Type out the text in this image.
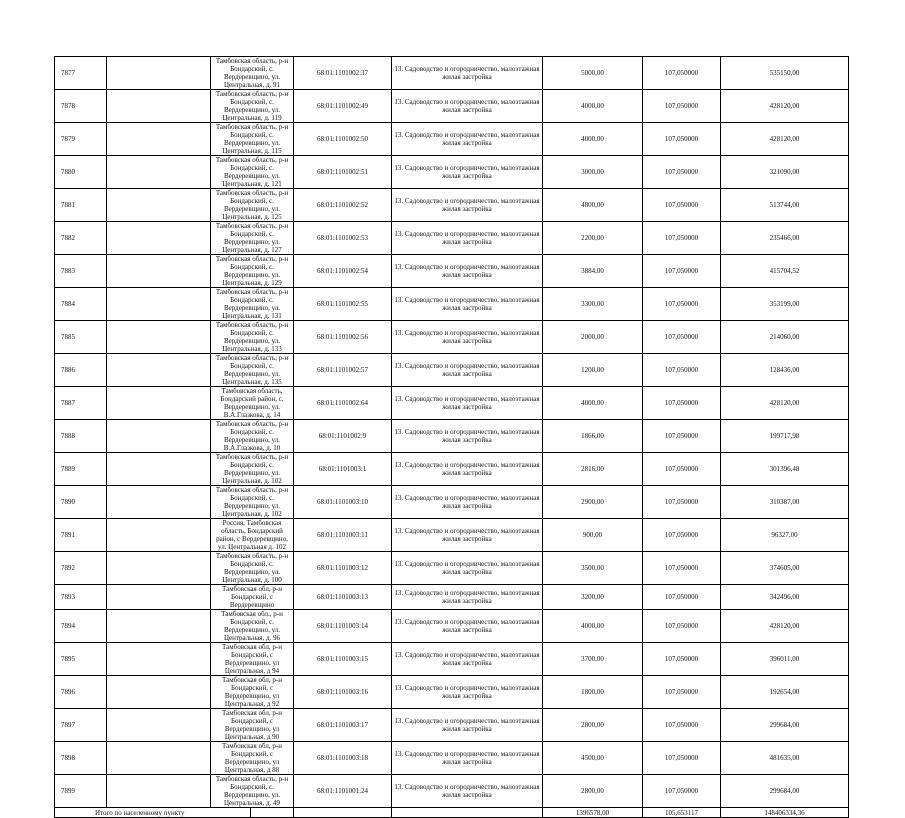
7877		Тамбовская область, р-н Бондарский, с. Вердеревщино, ул. Центральная, д. 91		68:01:1101002:37	13. Садоводство и огородничество, малоэтажная жилая застройка	5000,00	107,050000	535150,00
7878		Тамбовская область, р-н Бондарский, с. Вердеревщино, ул. Центральная, д. 119		68:01:1101002:49	13. Садоводство и огородничество, малоэтажная жилая застройка	4000,00	107,050000	428120,00
7879		Тамбовская область, р-н Бондарский, с. Вердеревщино, ул. Центральная, д. 115		68:01:1101002:50	13. Садоводство и огородничество, малоэтажная жилая застройка	4000,00	107,050000	428120,00
7880		Тамбовская область, р-н Бондарский, с. Вердеревщино, ул. Центральная, д. 121		68:01:1101002:51	13. Садоводство и огородничество, малоэтажная жилая застройка	3000,00	107,050000	321090,00
7881		Тамбовская область, р-н Бондарский, с. Вердеревщино, ул. Центральная, д. 125		68:01:1101002:52	13. Садоводство и огородничество, малоэтажная жилая застройка	4800,00	107,050000	513744,00
7882		Тамбовская область, р-н Бондарский, с. Вердеревщино, ул. Центральная, д. 127		68:01:1101002:53	13. Садоводство и огородничество, малоэтажная жилая застройка	2200,00	107,050000	235466,00
7883		Тамбовская область, р-н Бондарский, с. Вердеревщино, ул. Центральная, д. 129		68:01:1101002:54	13. Садоводство и огородничество, малоэтажная жилая застройка	3884,00	107,050000	415704,52
7884		Тамбовская область, р-н Бондарский, с. Вердеревщино, ул. Центральная, д. 131		68:01:1101002:55	13. Садоводство и огородничество, малоэтажная жилая застройка	3300,00	107,050000	353199,00
7885		Тамбовская область, р-н Бондарский, с. Вердеревщино, ул. Центральная, д. 133		68:01:1101002:56	13. Садоводство и огородничество, малоэтажная жилая застройка	2000,00	107,050000	214060,00
7886		Тамбовская область, р-н Бондарский, с. Вердеревщино, ул. Центральная, д. 135		68:01:1101002:57	13. Садоводство и огородничество, малоэтажная жилая застройка	1200,00	107,050000	128436,00
7887		Тамбовская область, Бондарский район, с. Вердеревщино, ул. В.А.Глазкова, д. 14		68:01:1101002:64	13. Садоводство и огородничество, малоэтажная жилая застройка	4000,00	107,050000	428120,00
7888		Тамбовская область, р-н Бондарский, с. Вердеревщино, ул. В.А.Глазкова, д. 10		68:01:1101002:9	13. Садоводство и огородничество, малоэтажная жилая застройка	1866,00	107,050000	199717,98
7889		Тамбовская область, р-н Бондарский, с. Вердеревщино, ул. Центральная, д. 102		68:01:1101003:1	13. Садоводство и огородничество, малоэтажная жилая застройка	2816,00	107,050000	301396,48
7890		Тамбовская область, р-н Бондарский, с. Вердеревщино, ул. Центральная, д. 102		68:01:1101003:10	13. Садоводство и огородничество, малоэтажная жилая застройка	2900,00	107,050000	310387,00
7891		Россия, Тамбовская область, Бондарский район, с Вердеревщино, ул. Центральная д. 102		68:01:1101003:11	13. Садоводство и огородничество, малоэтажная жилая застройка	900,00	107,050000	96327,00
7892		Тамбовская область, р-н Бондарский, с. Вердеревщино, ул. Центральная, д. 100		68:01:1101003:12	13. Садоводство и огородничество, малоэтажная жилая застройка	3500,00	107,050000	374605,00
7893		Тамбовская обл, р-н Бондарский, с Вердеревщино		68:01:1101003:13	13. Садоводство и огородничество, малоэтажная жилая застройка	3200,00	107,050000	342496,00
7894		Тамбовская обл., р-н Бондарский, с. Вердеревщино, ул. Центральная, д. 96		68:01:1101003:14	13. Садоводство и огородничество, малоэтажная жилая застройка	4000,00	107,050000	428120,00
7895		Тамбовская обл, р-н Бондарский, с Вердеревщино, ул Центральная, д 94		68:01:1101003:15	13. Садоводство и огородничество, малоэтажная жилая застройка	3700,00	107,050000	396011,00
7896		Тамбовская обл, р-н Бондарский, с Вердеревщино, ул Центральная, д 92		68:01:1101003:16	13. Садоводство и огородничество, малоэтажная жилая застройка	1800,00	107,050000	192654,00
7897		Тамбовская обл, р-н Бондарский, с Вердеревщино, ул Центральная, д 90		68:01:1101003:17	13. Садоводство и огородничество, малоэтажная жилая застройка	2800,00	107,050000	299684,00
7898		Тамбовская обл, р-н Бондарский, с Вердеревщино, ул Центральная, д 88		68:01:1101003:18	13. Садоводство и огородничество, малоэтажная жилая застройка	4500,00	107,050000	481635,00
7899		Тамбовская область, р-н Бондарский, с. Вердеревщино, ул. Центральная, д. 49		68:01:1101001:24	13. Садоводство и огородничество, малоэтажная жилая застройка	2800,00	107,050000	299684,00
Итого по населенному пункту						1396578,00	105,653117	148406334,36
